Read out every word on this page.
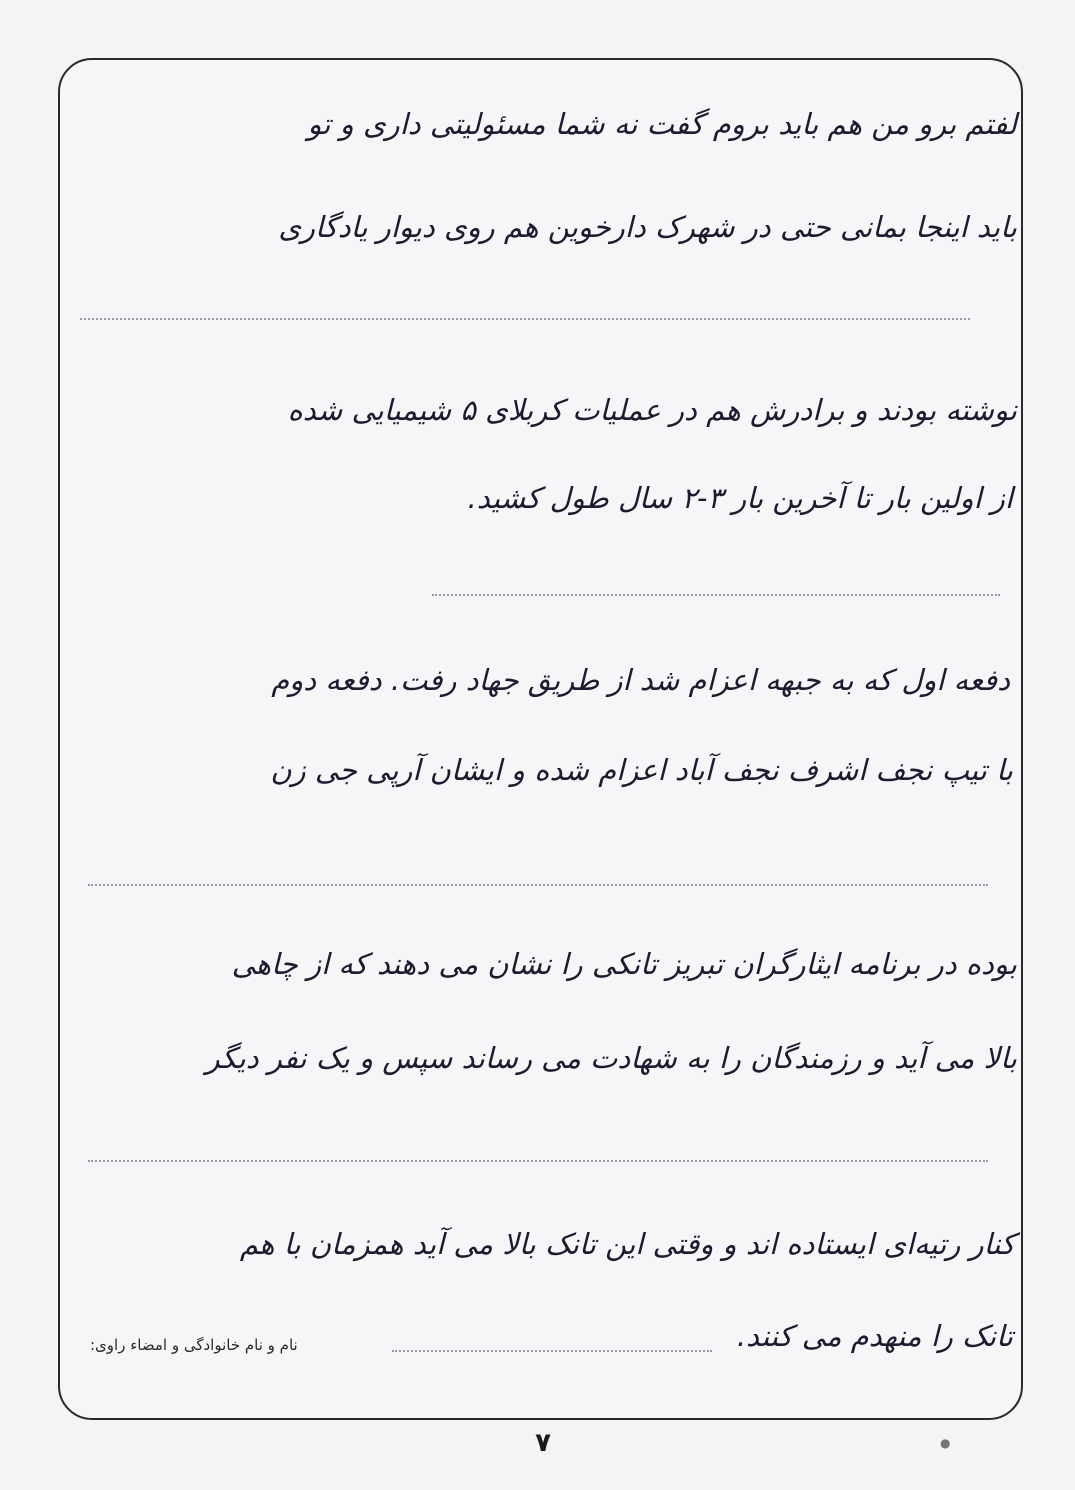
لفتم برو من هم باید بروم گفت نه شما مسئولیتی داری و تو
باید اینجا بمانی حتی در شهرک دارخوین هم روی دیوار یادگاری
نوشته بودند و برادرش هم در عملیات کربلای ۵ شیمیایی شده
از اولین بار تا آخرین بار ۳-۲ سال طول کشید.
دفعه اول که به جبهه اعزام شد از طریق جهاد رفت. دفعه دوم
با تیپ نجف اشرف نجف آباد اعزام شده و ایشان آرپی جی زن
بوده در برنامه ایثارگران تبریز تانکی را نشان می دهند که از چاهی
بالا می آید و رزمندگان را به شهادت می رساند سپس و یک نفر دیگر
کنار رتیه‌ای ایستاده اند و وقتی این تانک بالا می آید همزمان با هم
تانک را منهدم می کنند.
نام و نام خانوادگی و امضاء راوی:
۷	●
